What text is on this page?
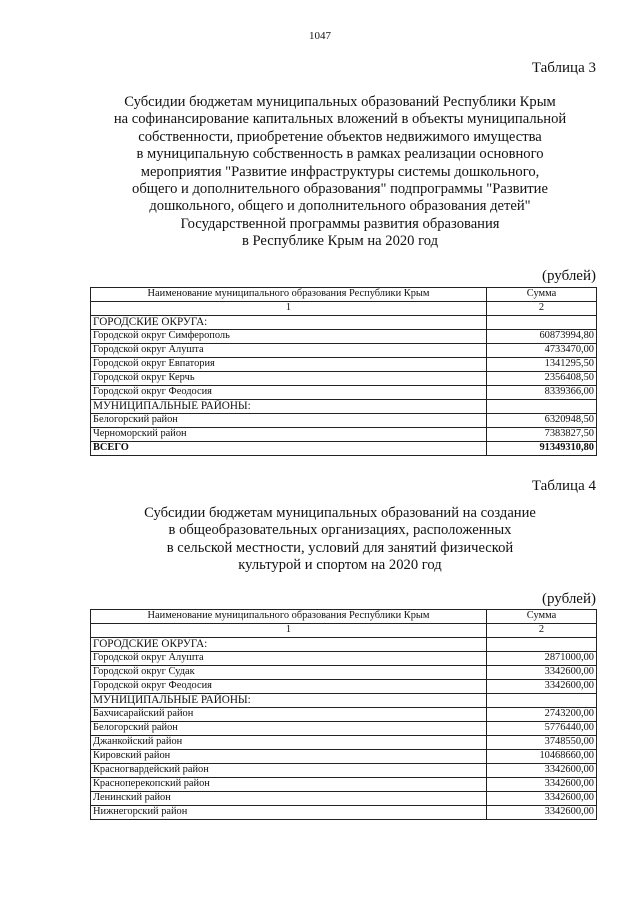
1047
Таблица 3
Субсидии бюджетам муниципальных образований Республики Крым
на софинансирование капитальных вложений в объекты муниципальной
собственности, приобретение объектов недвижимого имущества
в муниципальную собственность в рамках реализации основного
мероприятия "Развитие инфраструктуры системы дошкольного,
общего и дополнительного образования" подпрограммы "Развитие
дошкольного, общего и дополнительного образования детей"
Государственной программы развития образования
в Республике Крым на 2020 год
(рублей)
Наименование муниципального образования Республики Крым	Сумма
1	2
ГОРОДСКИЕ ОКРУГА:	
Городской округ Симферополь	60873994,80
Городской округ Алушта	4733470,00
Городской округ Евпатория	1341295,50
Городской округ Керчь	2356408,50
Городской округ Феодосия	8339366,00
МУНИЦИПАЛЬНЫЕ РАЙОНЫ:	
Белогорский район	6320948,50
Черноморский район	7383827,50
ВСЕГО	91349310,80
Таблица 4
Субсидии бюджетам муниципальных образований на создание
в общеобразовательных организациях, расположенных
в сельской местности, условий для занятий физической
культурой и спортом на 2020 год
(рублей)
Наименование муниципального образования Республики Крым	Сумма
1	2
ГОРОДСКИЕ ОКРУГА:	
Городской округ Алушта	2871000,00
Городской округ Судак	3342600,00
Городской округ Феодосия	3342600,00
МУНИЦИПАЛЬНЫЕ РАЙОНЫ:	
Бахчисарайский район	2743200,00
Белогорский район	5776440,00
Джанкойский район	3748550,00
Кировский район	10468660,00
Красногвардейский район	3342600,00
Красноперекопский район	3342600,00
Ленинский район	3342600,00
Нижнегорский район	3342600,00
